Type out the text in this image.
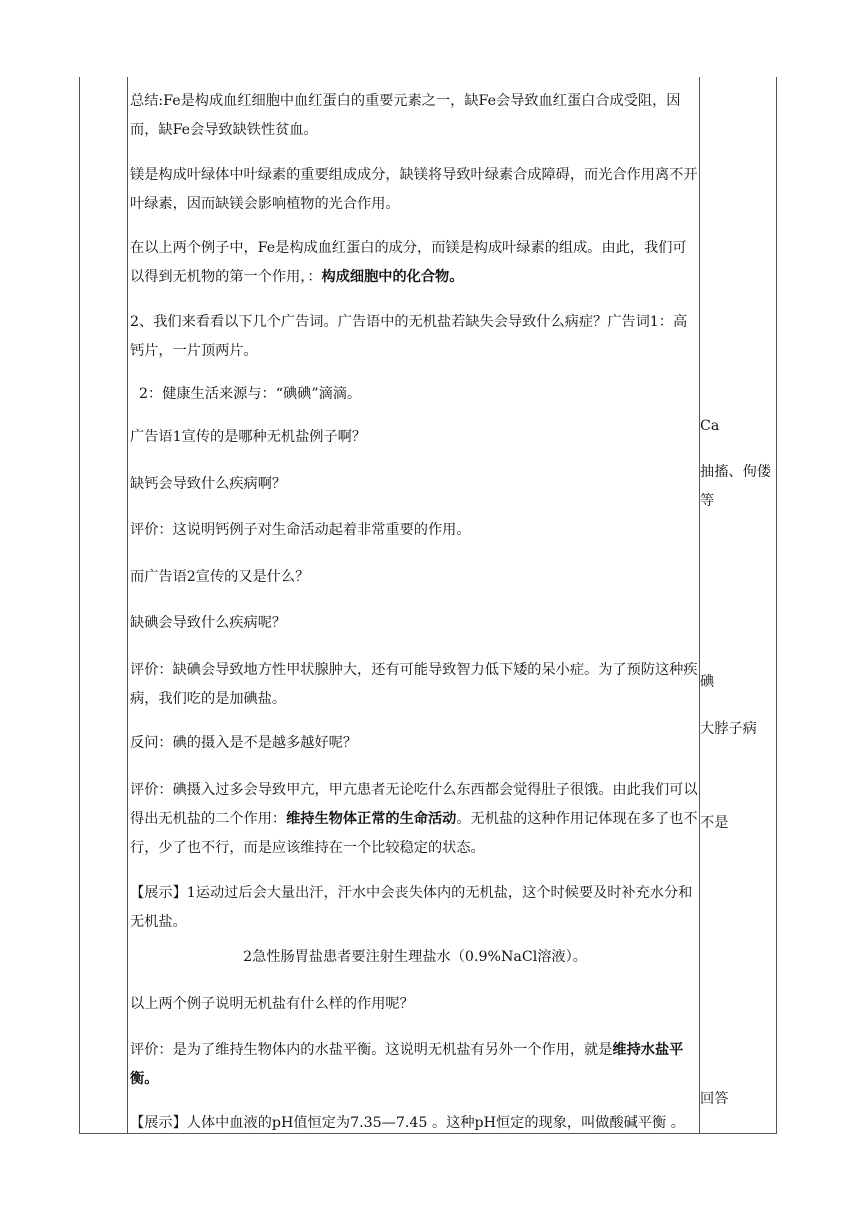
总结:Fe是构成血红细胞中血红蛋白的重要元素之一，缺Fe会导致血红蛋白合成受阻，因而，缺Fe会导致缺铁性贫血。

镁是构成叶绿体中叶绿素的重要组成成分，缺镁将导致叶绿素合成障碍，而光合作用离不开叶绿素，因而缺镁会影响植物的光合作用。

在以上两个例子中，Fe是构成血红蛋白的成分，而镁是构成叶绿素的组成。由此，我们可以得到无机物的第一个作用，：构成细胞中的化合物。

2、我们来看看以下几个广告词。广告语中的无机盐若缺失会导致什么病症？广告词1：高钙片，一片顶两片。

2：健康生活来源与：“碘碘”滴滴。

广告语1宣传的是哪种无机盐例子啊？

缺钙会导致什么疾病啊？

评价：这说明钙例子对生命活动起着非常重要的作用。

而广告语2宣传的又是什么？

缺碘会导致什么疾病呢？

评价：缺碘会导致地方性甲状腺肿大，还有可能导致智力低下矮的呆小症。为了预防这种疾病，我们吃的是加碘盐。

反问：碘的摄入是不是越多越好呢？

评价：碘摄入过多会导致甲亢，甲亢患者无论吃什么东西都会觉得肚子很饿。由此我们可以得出无机盐的二个作用：维持生物体正常的生命活动。无机盐的这种作用记体现在多了也不行，少了也不行，而是应该维持在一个比较稳定的状态。

【展示】1运动过后会大量出汗，汗水中会丧失体内的无机盐，这个时候要及时补充水分和无机盐。

2急性肠胃盐患者要注射生理盐水（0.9%NaCl溶液）。

以上两个例子说明无机盐有什么样的作用呢？

评价：是为了维持生物体内的水盐平衡。这说明无机盐有另外一个作用，就是维持水盐平衡。

【展示】人体中血液的pH值恒定为7.35—7.45 。这种pH恒定的现象，叫做酸碱平衡 。

Ca

抽搐、佝偻等

碘

大脖子病

不是

回答
